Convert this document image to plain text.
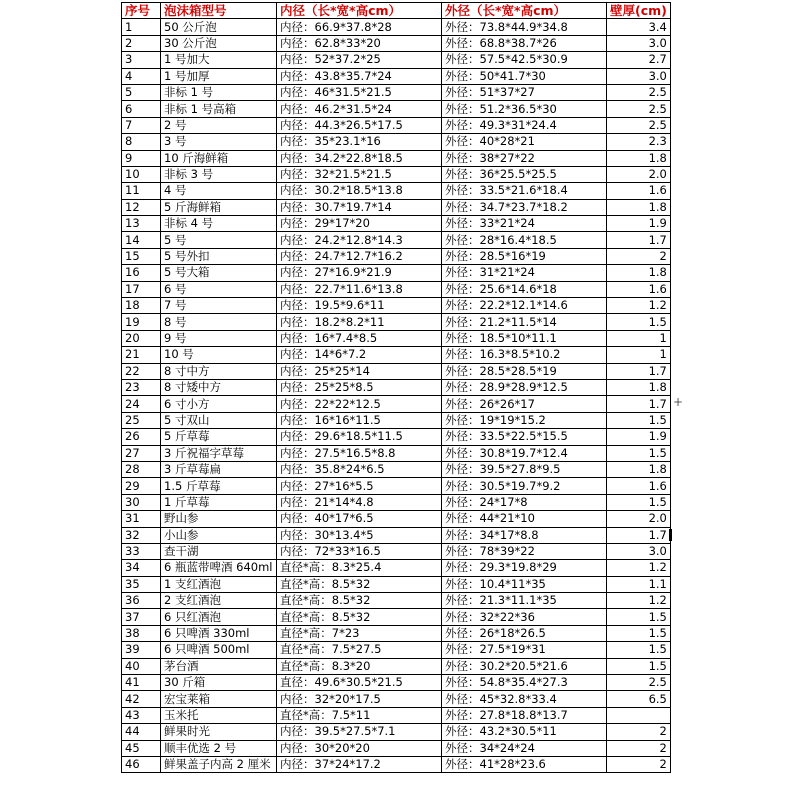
序号	泡沫箱型号	内径（长*宽*高cm）	外径（长*宽*高cm）	壁厚(cm)
1	50 公斤泡	内径：66.9*37.8*28	外径：73.8*44.9*34.8	3.4
2	30 公斤泡	内径：62.8*33*20	外径：68.8*38.7*26	3.0
3	1 号加大	内径：52*37.2*25	外径：57.5*42.5*30.9	2.7
4	1 号加厚	内径：43.8*35.7*24	外径：50*41.7*30	3.0
5	非标 1 号	内径：46*31.5*21.5	外径：51*37*27	2.5
6	非标 1 号高箱	内径：46.2*31.5*24	外径：51.2*36.5*30	2.5
7	2 号	内径：44.3*26.5*17.5	外径：49.3*31*24.4	2.5
8	3 号	内径：35*23.1*16	外径：40*28*21	2.3
9	10 斤海鲜箱	内径：34.2*22.8*18.5	外径：38*27*22	1.8
10	非标 3 号	内径：32*21.5*21.5	外径：36*25.5*25.5	2.0
11	4 号	内径：30.2*18.5*13.8	外径：33.5*21.6*18.4	1.6
12	5 斤海鲜箱	内径：30.7*19.7*14	外径：34.7*23.7*18.2	1.8
13	非标 4 号	内径：29*17*20	外径：33*21*24	1.9
14	5 号	内径：24.2*12.8*14.3	外径：28*16.4*18.5	1.7
15	5 号外扣	内径：24.7*12.7*16.2	外径：28.5*16*19	2
16	5 号大箱	内径：27*16.9*21.9	外径：31*21*24	1.8
17	6 号	内径：22.7*11.6*13.8	外径：25.6*14.6*18	1.6
18	7 号	内径：19.5*9.6*11	外径：22.2*12.1*14.6	1.2
19	8 号	内径：18.2*8.2*11	外径：21.2*11.5*14	1.5
20	9 号	内径：16*7.4*8.5	外径：18.5*10*11.1	1
21	10 号	内径：14*6*7.2	外径：16.3*8.5*10.2	1
22	8 寸中方	内径：25*25*14	外径：28.5*28.5*19	1.7
23	8 寸矮中方	内径：25*25*8.5	外径：28.9*28.9*12.5	1.8
24	6 寸小方	内径：22*22*12.5	外径：26*26*17	1.7
25	5 寸双山	内径：16*16*11.5	外径：19*19*15.2	1.5
26	5 斤草莓	内径：29.6*18.5*11.5	外径：33.5*22.5*15.5	1.9
27	3 斤祝福字草莓	内径：27.5*16.5*8.8	外径：30.8*19.7*12.4	1.5
28	3 斤草莓扁	内径：35.8*24*6.5	外径：39.5*27.8*9.5	1.8
29	1.5 斤草莓	内径：27*16*5.5	外径：30.5*19.7*9.2	1.6
30	1 斤草莓	内径：21*14*4.8	外径：24*17*8	1.5
31	野山参	内径：40*17*6.5	外径：44*21*10	2.0
32	小山参	内径：30*13.4*5	外径：34*17*8.8	1.7
33	查干湖	内径：72*33*16.5	外径：78*39*22	3.0
34	6 瓶蓝带啤酒 640ml	直径*高：8.3*25.4	外径：29.3*19.8*29	1.2
35	1 支红酒泡	直径*高：8.5*32	外径：10.4*11*35	1.1
36	2 支红酒泡	直径*高：8.5*32	外径：21.3*11.1*35	1.2
37	6 只红酒泡	直径*高：8.5*32	外径：32*22*36	1.5
38	6 只啤酒 330ml	直径*高：7*23	外径：26*18*26.5	1.5
39	6 只啤酒 500ml	直径*高：7.5*27.5	外径：27.5*19*31	1.5
40	茅台酒	直径*高：8.3*20	外径：30.2*20.5*21.6	1.5
41	30 斤箱	直径：49.6*30.5*21.5	外径：54.8*35.4*27.3	2.5
42	宏宝莱箱	内径：32*20*17.5	外径：45*32.8*33.4	6.5
43	玉米托	直径*高：7.5*11	外径：27.8*18.8*13.7	
44	鲜果时光	内径：39.5*27.5*7.1	外径：43.2*30.5*11	2
45	顺丰优选 2 号	内径：30*20*20	外径：34*24*24	2
46	鲜果盖子内高 2 厘米	内径：37*24*17.2	外径：41*28*23.6	2
+
